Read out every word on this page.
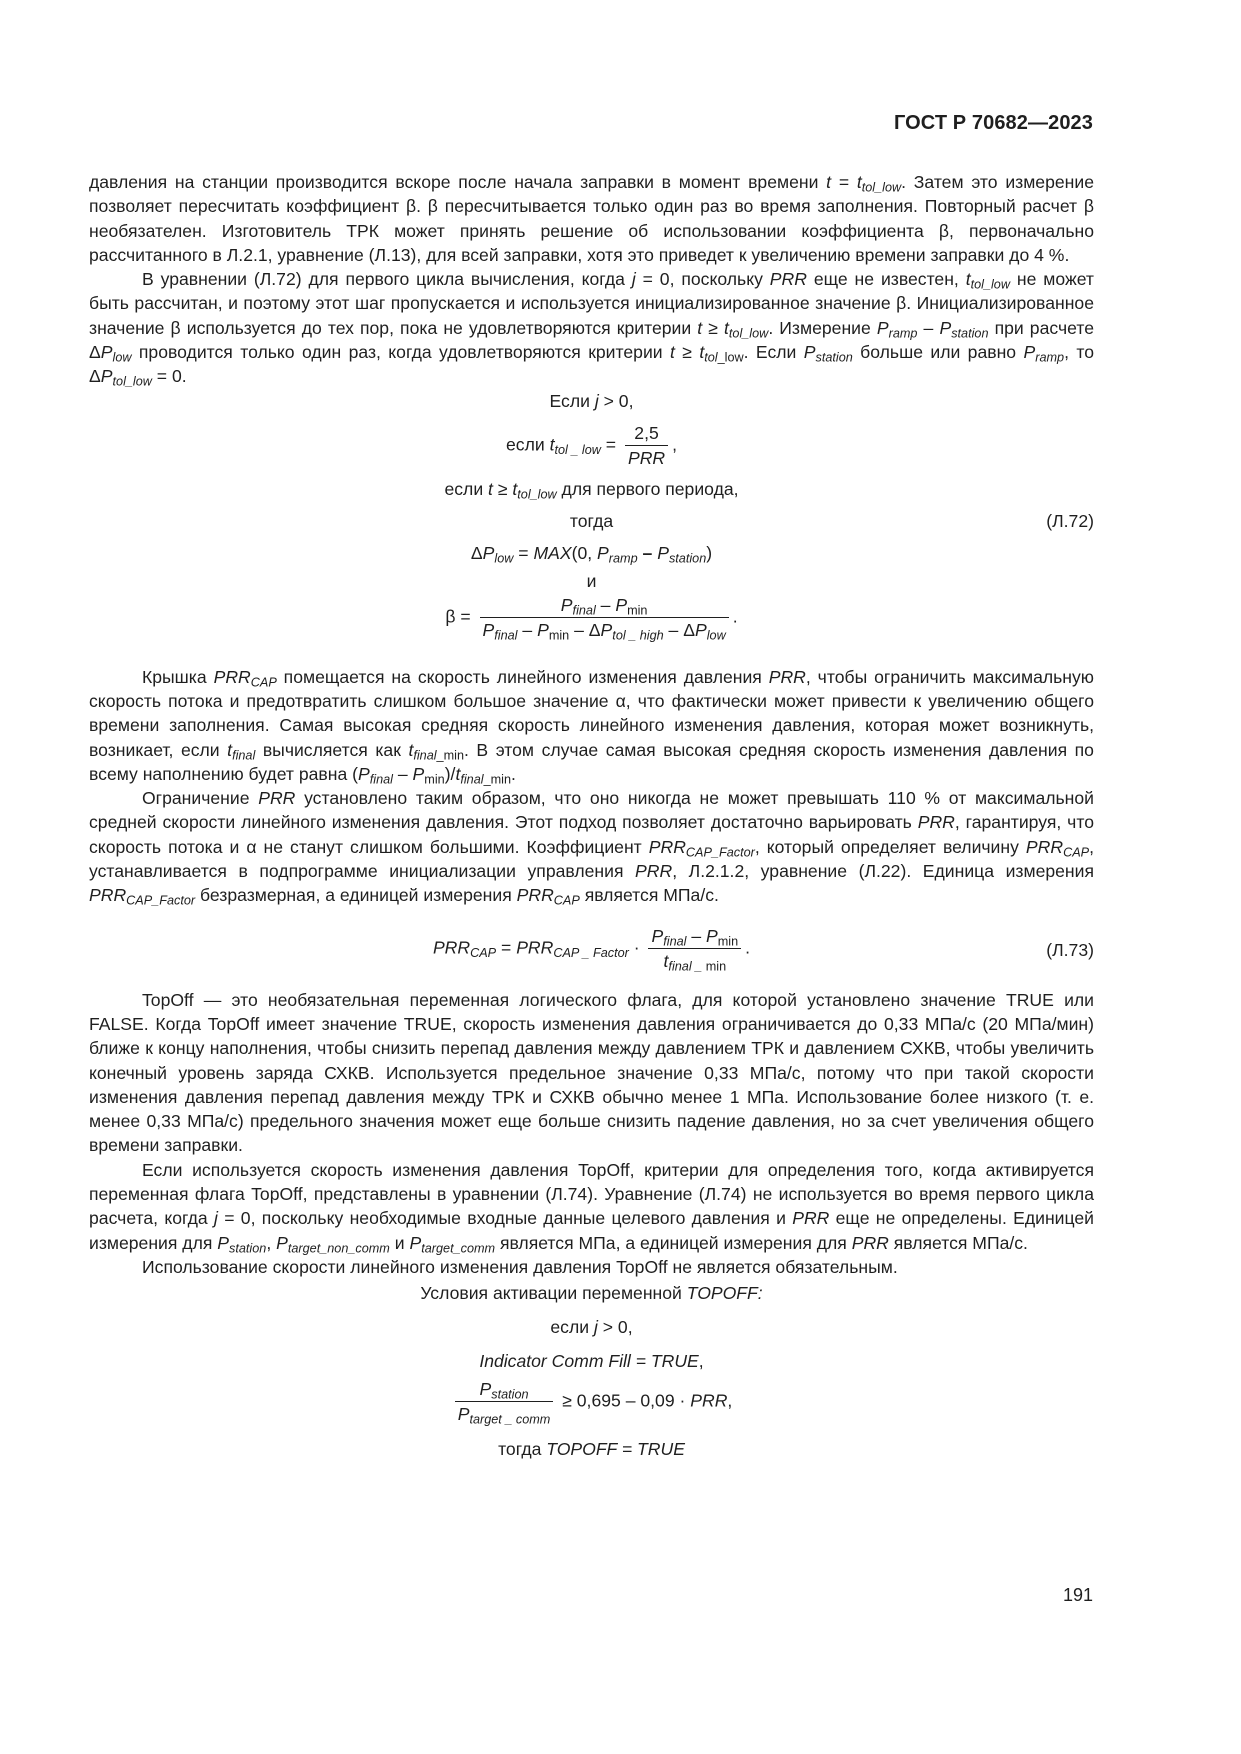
ГОСТ Р 70682—2023

давления на станции производится вскоре после начала заправки в момент времени $t = t_{tol\_low}$. Затем это измерение позволяет пересчитать коэффициент β. β пересчитывается только один раз во время заполнения. Повторный расчет β необязателен. Изготовитель ТРК может принять решение об использовании коэффициента β, первоначально рассчитанного в Л.2.1, уравнение (Л.13), для всей заправки, хотя это приведет к увеличению времени заправки до 4 %.

В уравнении (Л.72) для первого цикла вычисления, когда j = 0, поскольку PRR еще не известен, $t_{tol\_low}$ не может быть рассчитан, и поэтому этот шаг пропускается и используется инициализированное значение β. Инициализированное значение β используется до тех пор, пока не удовлетворяются критерии $t \ge t_{tol\_low}$. Измерение $P_{ramp} - P_{station}$ при расчете $\Delta P_{low}$ проводится только один раз, когда удовлетворяются критерии $t \ge t_{tol\_low}$. Если $P_{station}$ больше или равно $P_{ramp}$, то $\Delta P_{tol\_low} = 0$.

Если j > 0,

если $t_{tol \_ low} = \frac{2,5}{\text{PRR}}$ ,

если $t \ge t_{tol\_low}$ для первого периода,

тогда	(Л.72)

$\Delta P_{low} = MAX(0$, $P_{ramp} - P_{station}$)

и

$\beta = \frac{P_{final} - P_{min}}{P_{final} - P_{min} - \Delta P_{tol \_ high} - \Delta P_{low}}$ .

Крышка $PRR_{CAP}$ помещается на скорость линейного изменения давления PRR, чтобы ограничить максимальную скорость потока и предотвратить слишком большое значение α, что фактически может привести к увеличению общего времени заполнения. Самая высокая средняя скорость линейного изменения давления, которая может возникнуть, возникает, если $t_{final}$ вычисляется как $t_{final\_min}$. В этом случае самая высокая средняя скорость изменения давления по всему наполнению будет равна $(P_{final} - P_{min})/t_{final\_min}$.

Ограничение PRR установлено таким образом, что оно никогда не может превышать 110 % от максимальной средней скорости линейного изменения давления. Этот подход позволяет достаточно варьировать PRR, гарантируя, что скорость потока и α не станут слишком большими. Коэффициент $PRR_{CAP\_Factor}$, который определяет величину $PRR_{CAP}$, устанавливается в подпрограмме инициализации управления PRR, Л.2.1.2, уравнение (Л.22). Единица измерения $PRR_{CAP\_Factor}$ безразмерная, а единицей измерения $PRR_{CAP}$ является МПа/с.

$PRR_{CAP} = PRR_{CAP \_ Factor} \cdot \frac{P_{final} - P_{min}}{t_{final \_ min}}$ .	(Л.73)

TopOff — это необязательная переменная логического флага, для которой установлено значение TRUE или FALSE. Когда TopOff имеет значение TRUE, скорость изменения давления ограничивается до 0,33 МПа/с (20 МПа/мин) ближе к концу наполнения, чтобы снизить перепад давления между давлением ТРК и давлением СХКВ, чтобы увеличить конечный уровень заряда СХКВ. Используется предельное значение 0,33 МПа/с, потому что при такой скорости изменения давления перепад давления между ТРК и СХКВ обычно менее 1 МПа. Использование более низкого (т. е. менее 0,33 МПа/с) предельного значения может еще больше снизить падение давления, но за счет увеличения общего времени заправки.

Если используется скорость изменения давления TopOff, критерии для определения того, когда активируется переменная флага TopOff, представлены в уравнении (Л.74). Уравнение (Л.74) не используется во время первого цикла расчета, когда j = 0, поскольку необходимые входные данные целевого давления и PRR еще не определены. Единицей измерения для $P_{station}$, $P_{target\_non\_comm}$ и $P_{target\_comm}$ является МПа, а единицей измерения для PRR является МПа/с.

Использование скорости линейного изменения давления TopOff не является обязательным.

Условия активации переменной TOPOFF:

если j > 0,

Indicator Comm Fill = TRUE,

$\frac{P_{station}}{P_{target \_ comm}} \ge 0,695 - 0,09$ · PRR,

тогда TOPOFF = TRUE

191
